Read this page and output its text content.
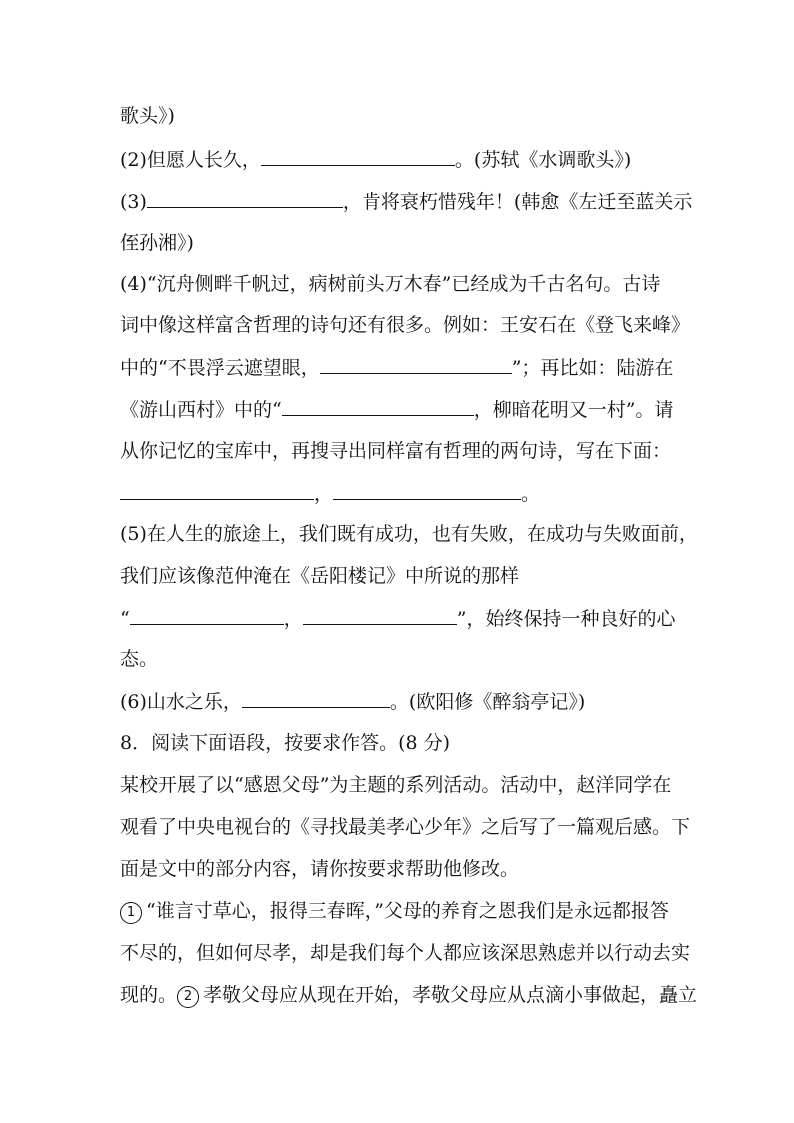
歌头》)
(2)但愿人长久，	。(苏轼《水调歌头》)
(3)	，肯将衰朽惜残年！(韩愈《左迁至蓝关示
侄孙湘》)
(4)“沉舟侧畔千帆过，病树前头万木春”已经成为千古名句。古诗
词中像这样富含哲理的诗句还有很多。例如：王安石在《登飞来峰》
中的“不畏浮云遮望眼，	”；再比如：陆游在
《游山西村》中的“	，柳暗花明又一村”。请
从你记忆的宝库中，再搜寻出同样富有哲理的两句诗，写在下面：
，	。
(5)在人生的旅途上，我们既有成功，也有失败，在成功与失败面前，
我们应该像范仲淹在《岳阳楼记》中所说的那样
“	，	”，始终保持一种良好的心
态。
(6)山水之乐，	。(欧阳修《醉翁亭记》)
8．阅读下面语段，按要求作答。(8 分)
某校开展了以“感恩父母”为主题的系列活动。活动中，赵洋同学在
观看了中央电视台的《寻找最美孝心少年》之后写了一篇观后感。下
面是文中的部分内容，请你按要求帮助他修改。
1 “谁言寸草心，报得三春晖，”父母的养育之恩我们是永远都报答
不尽的，但如何尽孝，却是我们每个人都应该深思熟虑并以行动去实
现的。 2 孝敬父母应从现在开始，孝敬父母应从点滴小事做起，矗立
